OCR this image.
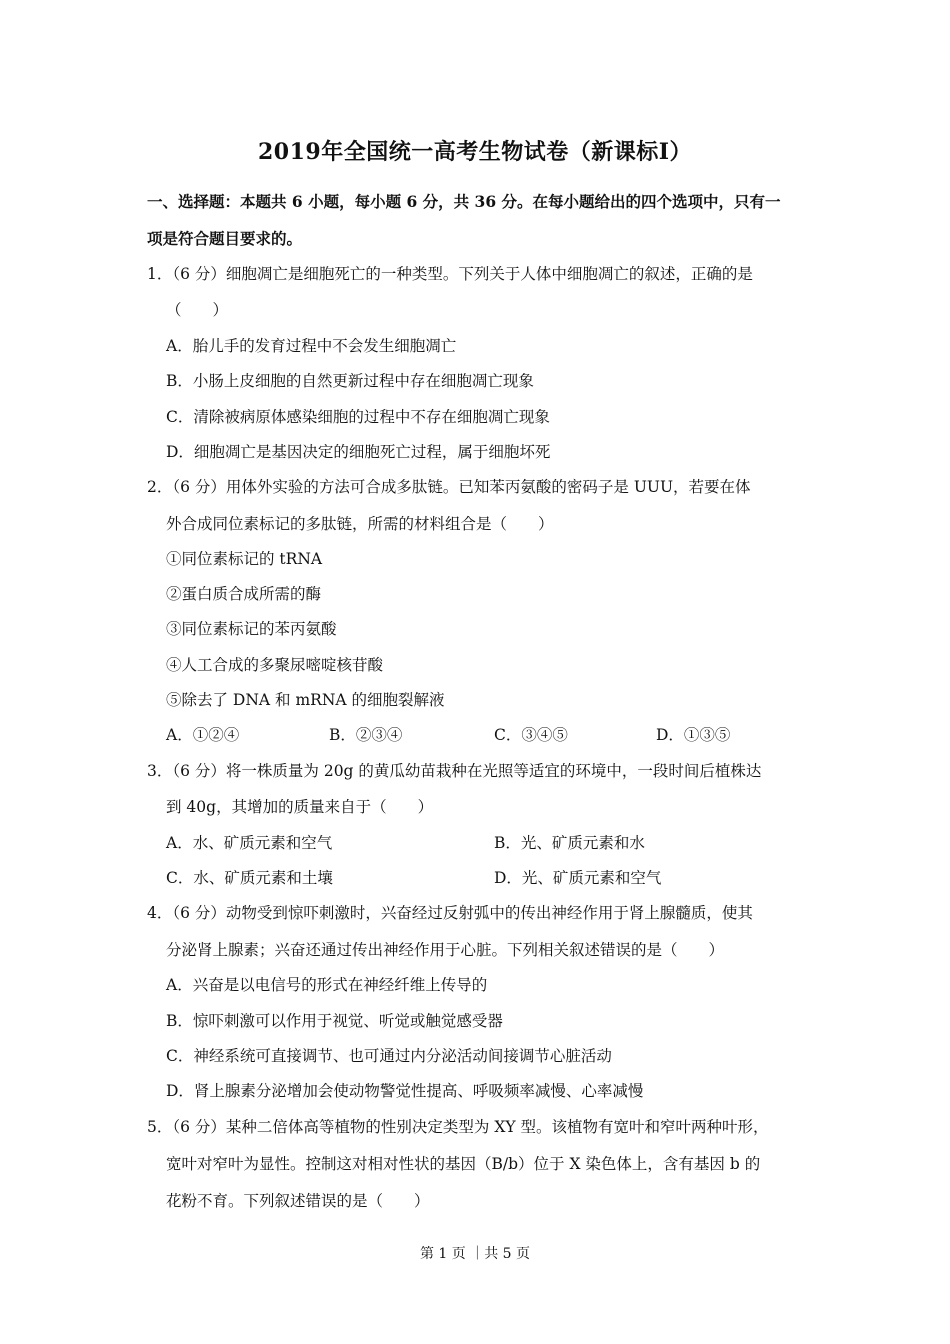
2019年全国统一高考生物试卷（新课标Ⅰ）
一、选择题：本题共 6 小题，每小题 6 分，共 36 分。在每小题给出的四个选项中，只有一
项是符合题目要求的。
1．（6 分）细胞凋亡是细胞死亡的一种类型。下列关于人体中细胞凋亡的叙述，正确的是
（　　）
A．胎儿手的发育过程中不会发生细胞凋亡
B．小肠上皮细胞的自然更新过程中存在细胞凋亡现象
C．清除被病原体感染细胞的过程中不存在细胞凋亡现象
D．细胞凋亡是基因决定的细胞死亡过程，属于细胞坏死
2．（6 分）用体外实验的方法可合成多肽链。已知苯丙氨酸的密码子是 UUU，若要在体
外合成同位素标记的多肽链，所需的材料组合是（　　）
①同位素标记的 tRNA
②蛋白质合成所需的酶
③同位素标记的苯丙氨酸
④人工合成的多聚尿嘧啶核苷酸
⑤除去了 DNA 和 mRNA 的细胞裂解液
A．①②④	B．②③④	C．③④⑤	D．①③⑤
3．（6 分）将一株质量为 20g 的黄瓜幼苗栽种在光照等适宜的环境中，一段时间后植株达
到 40g，其增加的质量来自于（　　）
A．水、矿质元素和空气	B．光、矿质元素和水
C．水、矿质元素和土壤	D．光、矿质元素和空气
4．（6 分）动物受到惊吓刺激时，兴奋经过反射弧中的传出神经作用于肾上腺髓质，使其
分泌肾上腺素；兴奋还通过传出神经作用于心脏。下列相关叙述错误的是（　　）
A．兴奋是以电信号的形式在神经纤维上传导的
B．惊吓刺激可以作用于视觉、听觉或触觉感受器
C．神经系统可直接调节、也可通过内分泌活动间接调节心脏活动
D．肾上腺素分泌增加会使动物警觉性提高、呼吸频率减慢、心率减慢
5．（6 分）某种二倍体高等植物的性别决定类型为 XY 型。该植物有宽叶和窄叶两种叶形，
宽叶对窄叶为显性。控制这对相对性状的基因（B/b）位于 X 染色体上，含有基因 b 的
花粉不育。下列叙述错误的是（　　）
第 1 页 ｜共 5 页
